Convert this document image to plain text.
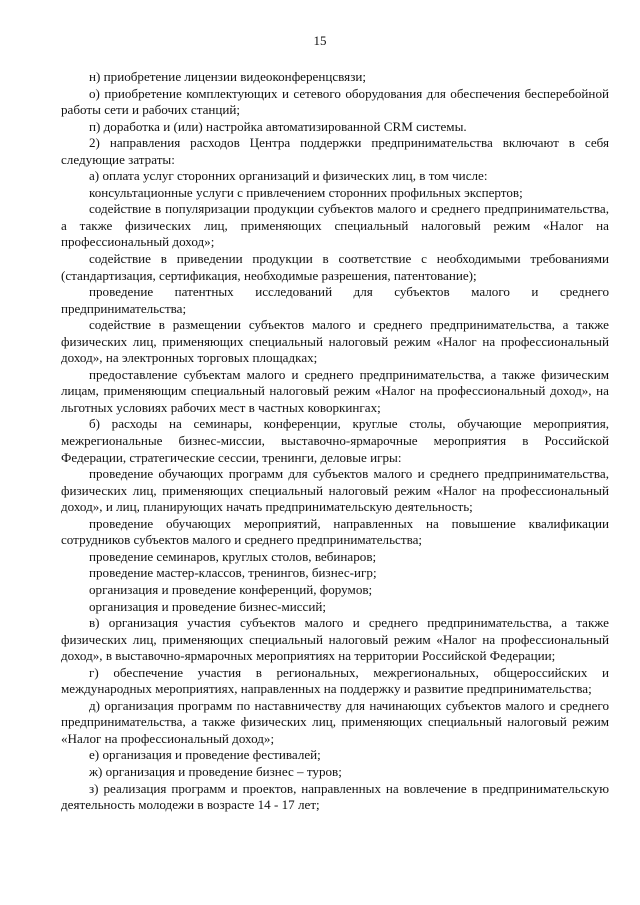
15

н) приобретение лицензии видеоконференцсвязи;

о) приобретение комплектующих и сетевого оборудования для обеспечения бесперебойной работы сети и рабочих станций;

п) доработка и (или) настройка автоматизированной CRM системы.

2) направления расходов Центра поддержки предпринимательства включают в себя следующие затраты:

а) оплата услуг сторонних организаций и физических лиц, в том числе:

консультационные услуги с привлечением сторонних профильных экспертов;

содействие в популяризации продукции субъектов малого и среднего предпринимательства, а также физических лиц, применяющих специальный налоговый режим «Налог на профессиональный доход»;

содействие в приведении продукции в соответствие с необходимыми требованиями (стандартизация, сертификация, необходимые разрешения, патентование);

проведение патентных исследований для субъектов малого и среднего предпринимательства;

содействие в размещении субъектов малого и среднего предпринимательства, а также физических лиц, применяющих специальный налоговый режим «Налог на профессиональный доход», на электронных торговых площадках;

предоставление субъектам малого и среднего предпринимательства, а также физическим лицам, применяющим специальный налоговый режим «Налог на профессиональный доход», на льготных условиях рабочих мест в частных коворкингах;

б) расходы на семинары, конференции, круглые столы, обучающие мероприятия, межрегиональные бизнес-миссии, выставочно-ярмарочные мероприятия в Российской Федерации, стратегические сессии, тренинги, деловые игры:

проведение обучающих программ для субъектов малого и среднего предпринимательства, физических лиц, применяющих специальный налоговый режим «Налог на профессиональный доход», и лиц, планирующих начать предпринимательскую деятельность;

проведение обучающих мероприятий, направленных на повышение квалификации сотрудников субъектов малого и среднего предпринимательства;

проведение семинаров, круглых столов, вебинаров;

проведение мастер-классов, тренингов, бизнес-игр;

организация и проведение конференций, форумов;

организация и проведение бизнес-миссий;

в) организация участия субъектов малого и среднего предпринимательства, а также физических лиц, применяющих специальный налоговый режим «Налог на профессиональный доход», в выставочно-ярмарочных мероприятиях на территории Российской Федерации;

г) обеспечение участия в региональных, межрегиональных, общероссийских и международных мероприятиях, направленных на поддержку и развитие предпринимательства;

д) организация программ по наставничеству для начинающих субъектов малого и среднего предпринимательства, а также физических лиц, применяющих специальный налоговый режим «Налог на профессиональный доход»;

е) организация и проведение фестивалей;

ж) организация и проведение бизнес – туров;

з) реализация программ и проектов, направленных на вовлечение в предпринимательскую деятельность молодежи в возрасте 14 - 17 лет;
